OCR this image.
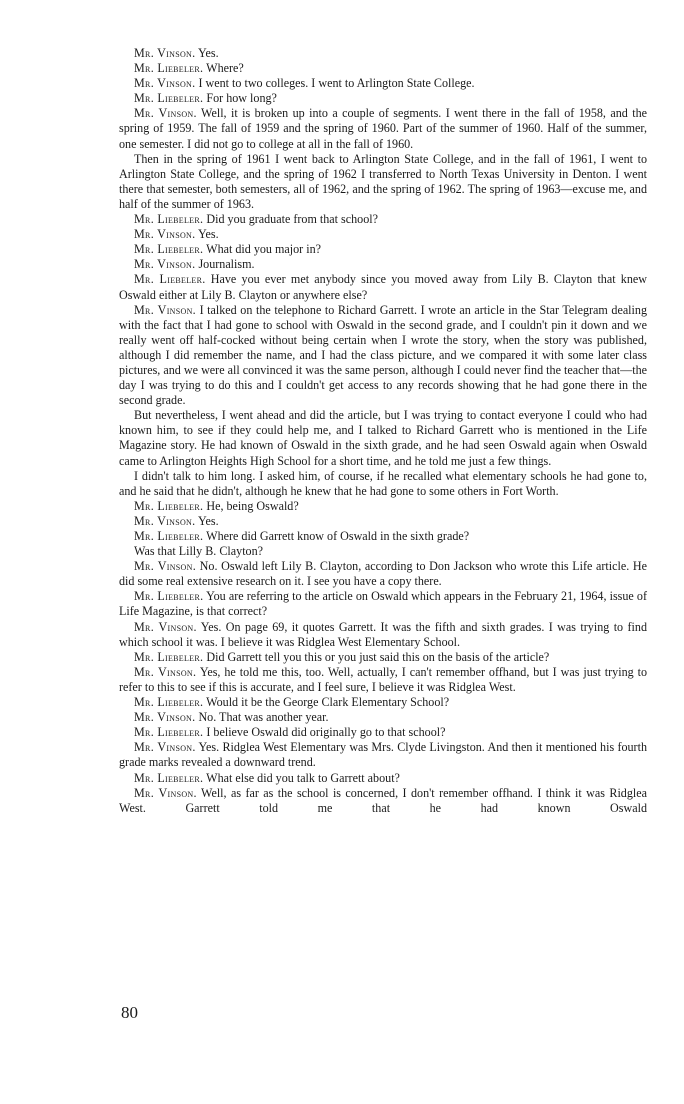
Mr. Vinson. Yes.

Mr. Liebeler. Where?

Mr. Vinson. I went to two colleges. I went to Arlington State College.

Mr. Liebeler. For how long?

Mr. Vinson. Well, it is broken up into a couple of segments. I went there in the fall of 1958, and the spring of 1959. The fall of 1959 and the spring of 1960. Part of the summer of 1960. Half of the summer, one semester. I did not go to college at all in the fall of 1960.

Then in the spring of 1961 I went back to Arlington State College, and in the fall of 1961, I went to Arlington State College, and the spring of 1962 I transferred to North Texas University in Denton. I went there that semester, both semesters, all of 1962, and the spring of 1962. The spring of 1963—excuse me, and half of the summer of 1963.

Mr. Liebeler. Did you graduate from that school?

Mr. Vinson. Yes.

Mr. Liebeler. What did you major in?

Mr. Vinson. Journalism.

Mr. Liebeler. Have you ever met anybody since you moved away from Lily B. Clayton that knew Oswald either at Lily B. Clayton or anywhere else?

Mr. Vinson. I talked on the telephone to Richard Garrett. I wrote an article in the Star Telegram dealing with the fact that I had gone to school with Oswald in the second grade, and I couldn't pin it down and we really went off half-cocked without being certain when I wrote the story, when the story was published, although I did remember the name, and I had the class picture, and we compared it with some later class pictures, and we were all convinced it was the same person, although I could never find the teacher that—the day I was trying to do this and I couldn't get access to any records showing that he had gone there in the second grade.

But nevertheless, I went ahead and did the article, but I was trying to contact everyone I could who had known him, to see if they could help me, and I talked to Richard Garrett who is mentioned in the Life Magazine story. He had known of Oswald in the sixth grade, and he had seen Oswald again when Oswald came to Arlington Heights High School for a short time, and he told me just a few things.

I didn't talk to him long. I asked him, of course, if he recalled what elementary schools he had gone to, and he said that he didn't, although he knew that he had gone to some others in Fort Worth.

Mr. Liebeler. He, being Oswald?

Mr. Vinson. Yes.

Mr. Liebeler. Where did Garrett know of Oswald in the sixth grade?

Was that Lilly B. Clayton?

Mr. Vinson. No. Oswald left Lily B. Clayton, according to Don Jackson who wrote this Life article. He did some real extensive research on it. I see you have a copy there.

Mr. Liebeler. You are referring to the article on Oswald which appears in the February 21, 1964, issue of Life Magazine, is that correct?

Mr. Vinson. Yes. On page 69, it quotes Garrett. It was the fifth and sixth grades. I was trying to find which school it was. I believe it was Ridglea West Elementary School.

Mr. Liebeler. Did Garrett tell you this or you just said this on the basis of the article?

Mr. Vinson. Yes, he told me this, too. Well, actually, I can't remember offhand, but I was just trying to refer to this to see if this is accurate, and I feel sure, I believe it was Ridglea West.

Mr. Liebeler. Would it be the George Clark Elementary School?

Mr. Vinson. No. That was another year.

Mr. Liebeler. I believe Oswald did originally go to that school?

Mr. Vinson. Yes. Ridglea West Elementary was Mrs. Clyde Livingston. And then it mentioned his fourth grade marks revealed a downward trend.

Mr. Liebeler. What else did you talk to Garrett about?

Mr. Vinson. Well, as far as the school is concerned, I don't remember offhand. I think it was Ridglea West. Garrett told me that he had known Oswald

80
